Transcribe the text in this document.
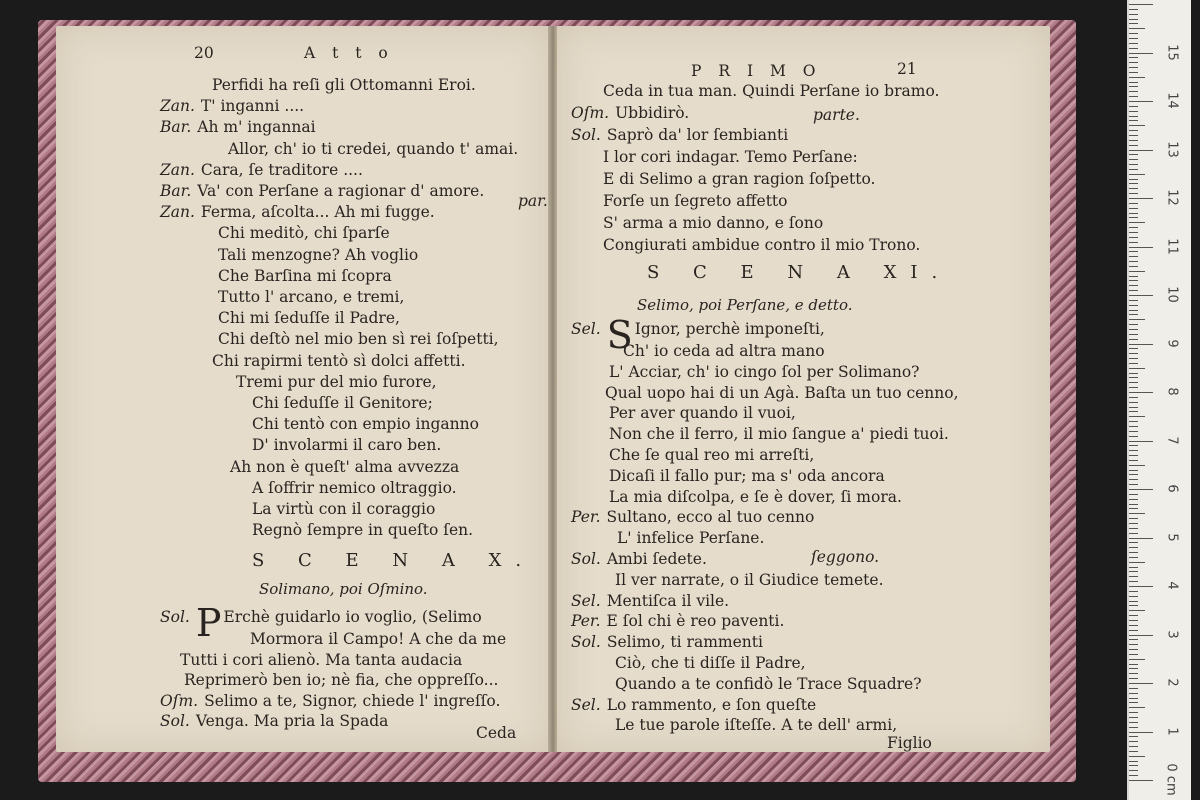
20	A t t o
Perfidi ha reſi gli Ottomanni Eroi.
Zan. T' inganni ....
Bar. Ah m' ingannai
Allor, ch' io ti credei, quando t' amai.
Zan. Cara, ſe traditore ....
Bar. Va' con Perſane a ragionar d' amore.
Zan. Ferma, aſcolta... Ah mi fugge.
Chi meditò, chi ſparſe
Tali menzogne? Ah voglio
Che Barſina mi ſcopra
Tutto l' arcano, e tremi,
Chi mi ſeduſſe il Padre,
Chi deſtò nel mio ben sì rei ſoſpetti,
Chi rapirmi tentò sì dolci affetti.
Tremi pur del mio furore,
Chi ſeduſſe il Genitore;
Chi tentò con empio inganno
D' involarmi il caro ben.
Ah non è queſt' alma avvezza
A ſoffrir nemico oltraggio.
La virtù con il coraggio
Regnò ſempre in queſto ſen.
par.
S C E N A X.
Solimano, poi Oſmino.
Sol. P Erchè guidarlo io voglio, (Selimo
Mormora il Campo! A che da me
Tutti i cori alienò. Ma tanta audacia
Reprimerò ben io; nè fia, che oppreſſo...
Oſm. Selimo a te, Signor, chiede l' ingreſſo.
Sol. Venga. Ma pria la Spada
Ceda
P R I M O	21
Ceda in tua man. Quindi Perſane io bramo.
Oſm. Ubbidirò.
Sol. Saprò da' lor ſembianti
I lor cori indagar. Temo Perſane:
E di Selimo a gran ragion ſoſpetto.
Forſe un ſegreto affetto
S' arma a mio danno, e ſono
Congiurati ambidue contro il mio Trono.
parte.
S C E N A XI.
Selimo, poi Perſane, e detto.
Sel. S Ignor, perchè imponeſti,
Ch' io ceda ad altra mano
L' Acciar, ch' io cingo ſol per Solimano?
Qual uopo hai di un Agà. Baſta un tuo cenno,
Per aver quando il vuoi,
Non che il ferro, il mio ſangue a' piedi tuoi.
Che ſe qual reo mi arreſti,
Dicaſi il fallo pur; ma s' oda ancora
La mia diſcolpa, e ſe è dover, ſi mora.
Per. Sultano, ecco al tuo cenno
L' infelice Perſane.
Sol. Ambi ſedete.
Il ver narrate, o il Giudice temete.
Sel. Mentiſca il vile.
Per. E ſol chi è reo paventi.
Sol. Selimo, ti rammenti
Ciò, che ti diſſe il Padre,
Quando a te confidò le Trace Squadre?
Sel. Lo rammento, e ſon queſte
Le tue parole iſteſſe. A te dell' armi,
ſeggono.
Figlio
15
14
13
12
11
10
9
8
7
6
5
4
3
2
1
0 cm
